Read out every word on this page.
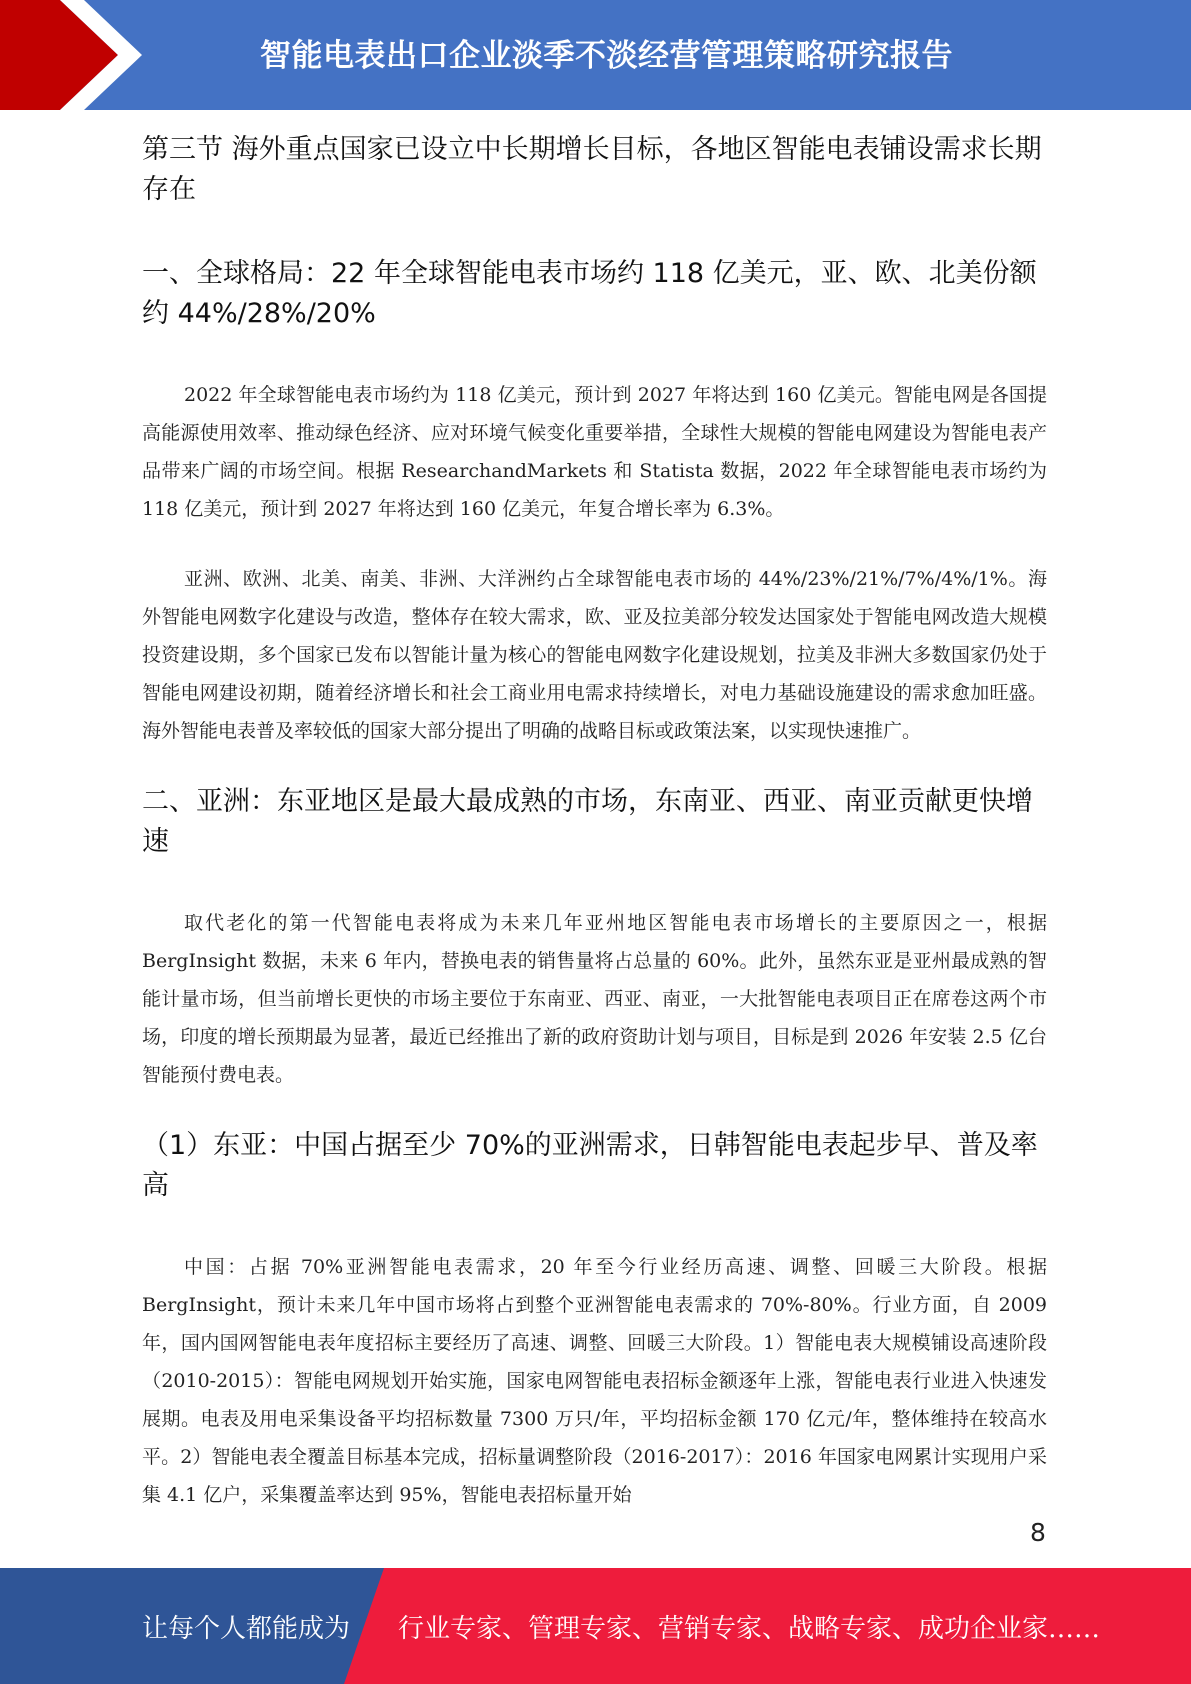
智能电表出口企业淡季不淡经营管理策略研究报告

第三节 海外重点国家已设立中长期增长目标，各地区智能电表铺设需求长期存在

一、全球格局：22 年全球智能电表市场约 118 亿美元，亚、欧、北美份额约 44%/28%/20%

2022 年全球智能电表市场约为 118 亿美元，预计到 2027 年将达到 160 亿美元。智能电网是各国提高能源使用效率、推动绿色经济、应对环境气候变化重要举措，全球性大规模的智能电网建设为智能电表产品带来广阔的市场空间。根据 ResearchandMarkets 和 Statista 数据，2022 年全球智能电表市场约为 118 亿美元，预计到 2027 年将达到 160 亿美元，年复合增长率为 6.3%。

亚洲、欧洲、北美、南美、非洲、大洋洲约占全球智能电表市场的 44%/23%/21%/7%/4%/1%。海外智能电网数字化建设与改造，整体存在较大需求，欧、亚及拉美部分较发达国家处于智能电网改造大规模投资建设期，多个国家已发布以智能计量为核心的智能电网数字化建设规划，拉美及非洲大多数国家仍处于智能电网建设初期，随着经济增长和社会工商业用电需求持续增长，对电力基础设施建设的需求愈加旺盛。海外智能电表普及率较低的国家大部分提出了明确的战略目标或政策法案，以实现快速推广。

二、亚洲：东亚地区是最大最成熟的市场，东南亚、西亚、南亚贡献更快增速

取代老化的第一代智能电表将成为未来几年亚州地区智能电表市场增长的主要原因之一，根据 BergInsight 数据，未来 6 年内，替换电表的销售量将占总量的 60%。此外，虽然东亚是亚州最成熟的智能计量市场，但当前增长更快的市场主要位于东南亚、西亚、南亚，一大批智能电表项目正在席卷这两个市场，印度的增长预期最为显著，最近已经推出了新的政府资助计划与项目，目标是到 2026 年安装 2.5 亿台智能预付费电表。

（1）东亚：中国占据至少 70%的亚洲需求，日韩智能电表起步早、普及率高

中国：占据 70%亚洲智能电表需求，20 年至今行业经历高速、调整、回暖三大阶段。根据 BergInsight，预计未来几年中国市场将占到整个亚洲智能电表需求的 70%-80%。行业方面，自 2009 年，国内国网智能电表年度招标主要经历了高速、调整、回暖三大阶段。1）智能电表大规模铺设高速阶段（2010-2015）：智能电网规划开始实施，国家电网智能电表招标金额逐年上涨，智能电表行业进入快速发展期。电表及用电采集设备平均招标数量 7300 万只/年，平均招标金额 170 亿元/年，整体维持在较高水平。2）智能电表全覆盖目标基本完成，招标量调整阶段（2016-2017）：2016 年国家电网累计实现用户采集 4.1 亿户，采集覆盖率达到 95%，智能电表招标量开始

8
让每个人都能成为 行业专家、管理专家、营销专家、战略专家、成功企业家……
